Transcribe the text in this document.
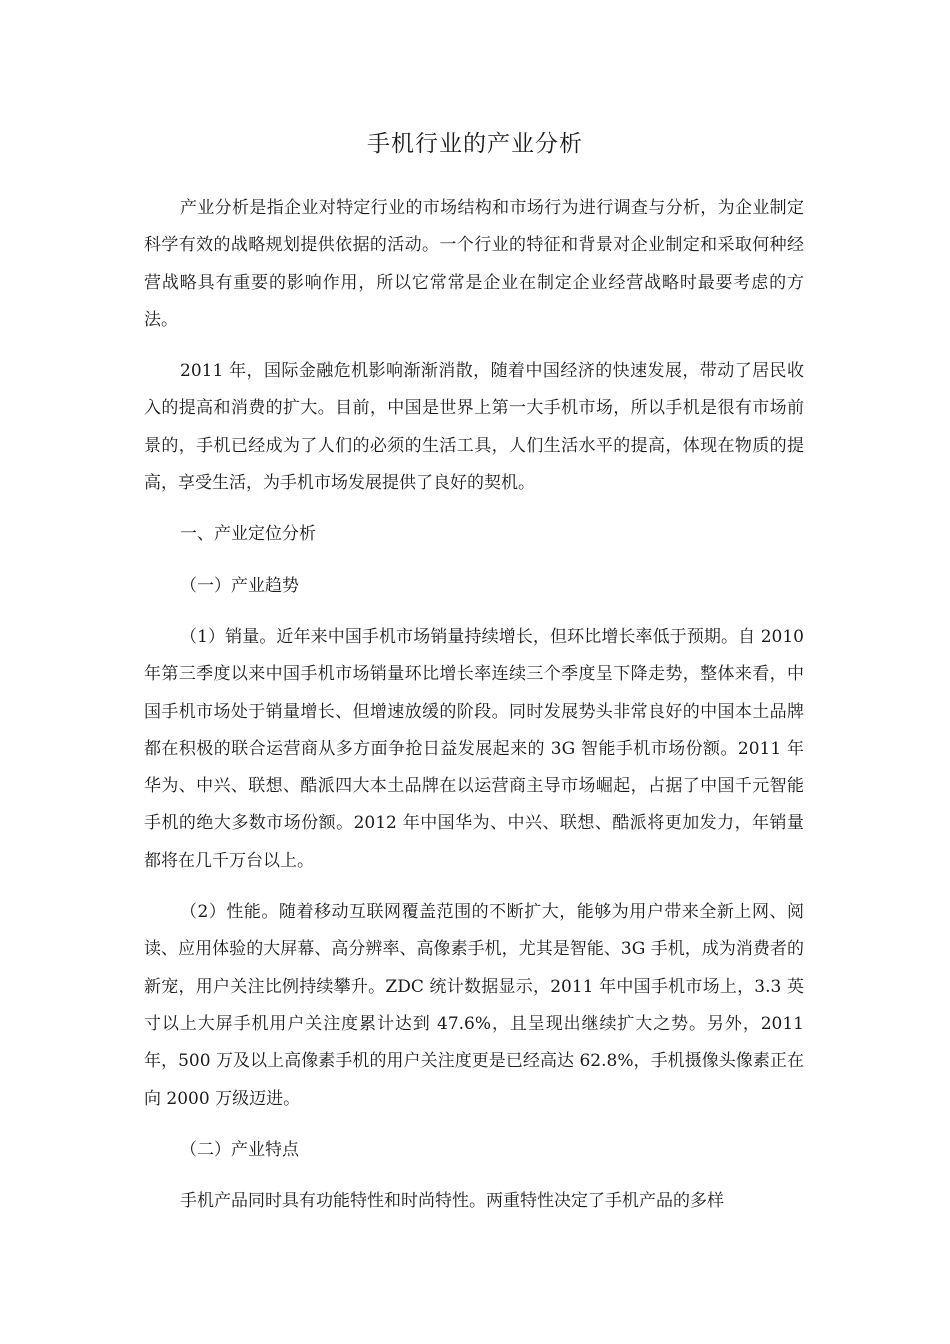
手机行业的产业分析

产业分析是指企业对特定行业的市场结构和市场行为进行调查与分析，为企业制定科学有效的战略规划提供依据的活动。一个行业的特征和背景对企业制定和采取何种经营战略具有重要的影响作用，所以它常常是企业在制定企业经营战略时最要考虑的方法。

2011 年，国际金融危机影响渐渐消散，随着中国经济的快速发展，带动了居民收入的提高和消费的扩大。目前，中国是世界上第一大手机市场，所以手机是很有市场前景的，手机已经成为了人们的必须的生活工具，人们生活水平的提高，体现在物质的提高，享受生活，为手机市场发展提供了良好的契机。

一、产业定位分析

（一）产业趋势

（1）销量。近年来中国手机市场销量持续增长，但环比增长率低于预期。自 2010 年第三季度以来中国手机市场销量环比增长率连续三个季度呈下降走势，整体来看，中国手机市场处于销量增长、但增速放缓的阶段。同时发展势头非常良好的中国本土品牌都在积极的联合运营商从多方面争抢日益发展起来的 3G 智能手机市场份额。2011 年华为、中兴、联想、酷派四大本土品牌在以运营商主导市场崛起，占据了中国千元智能手机的绝大多数市场份额。2012 年中国华为、中兴、联想、酷派将更加发力，年销量都将在几千万台以上。

（2）性能。随着移动互联网覆盖范围的不断扩大，能够为用户带来全新上网、阅读、应用体验的大屏幕、高分辨率、高像素手机，尤其是智能、3G 手机，成为消费者的新宠，用户关注比例持续攀升。ZDC 统计数据显示，2011 年中国手机市场上，3.3 英寸以上大屏手机用户关注度累计达到 47.6%，且呈现出继续扩大之势。另外，2011 年，500 万及以上高像素手机的用户关注度更是已经高达 62.8%，手机摄像头像素正在向 2000 万级迈进。

（二）产业特点

手机产品同时具有功能特性和时尚特性。两重特性决定了手机产品的多样
